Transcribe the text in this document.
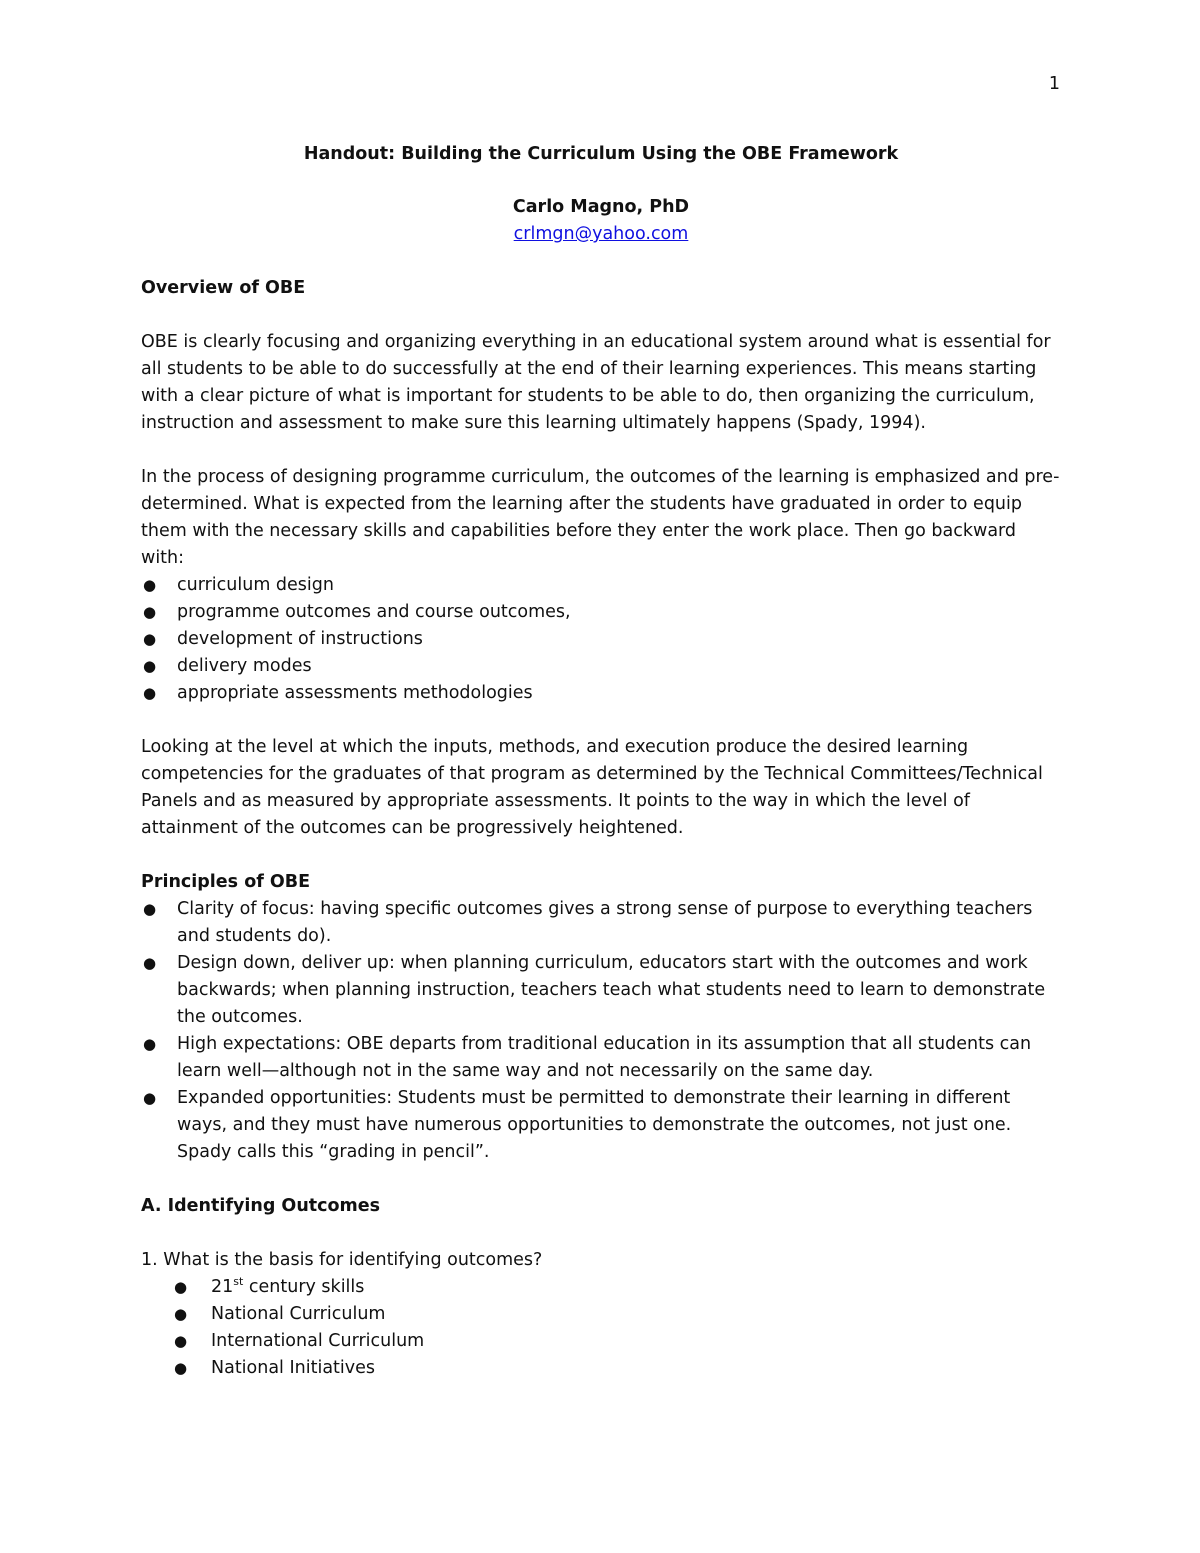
1
Handout: Building the Curriculum Using the OBE Framework
Carlo Magno, PhD
crlmgn@yahoo.com
Overview of OBE

OBE is clearly focusing and organizing everything in an educational system around what is essential for all students to be able to do successfully at the end of their learning experiences. This means starting with a clear picture of what is important for students to be able to do, then organizing the curriculum, instruction and assessment to make sure this learning ultimately happens (Spady, 1994).

In the process of designing programme curriculum, the outcomes of the learning is emphasized and pre-determined. What is expected from the learning after the students have graduated in order to equip them with the necessary skills and capabilities before they enter the work place. Then go backward with:

● curriculum design
● programme outcomes and course outcomes,
● development of instructions
● delivery modes
● appropriate assessments methodologies

Looking at the level at which the inputs, methods, and execution produce the desired learning competencies for the graduates of that program as determined by the Technical Committees/Technical Panels and as measured by appropriate assessments. It points to the way in which the level of attainment of the outcomes can be progressively heightened.

Principles of OBE
● Clarity of focus: having specific outcomes gives a strong sense of purpose to everything teachers and students do).
● Design down, deliver up: when planning curriculum, educators start with the outcomes and work backwards; when planning instruction, teachers teach what students need to learn to demonstrate the outcomes.
● High expectations: OBE departs from traditional education in its assumption that all students can learn well—although not in the same way and not necessarily on the same day.
● Expanded opportunities: Students must be permitted to demonstrate their learning in different ways, and they must have numerous opportunities to demonstrate the outcomes, not just one. Spady calls this “grading in pencil”.
A. Identifying Outcomes
1. What is the basis for identifying outcomes?
● 21st century skills
● National Curriculum
● International Curriculum
● National Initiatives
